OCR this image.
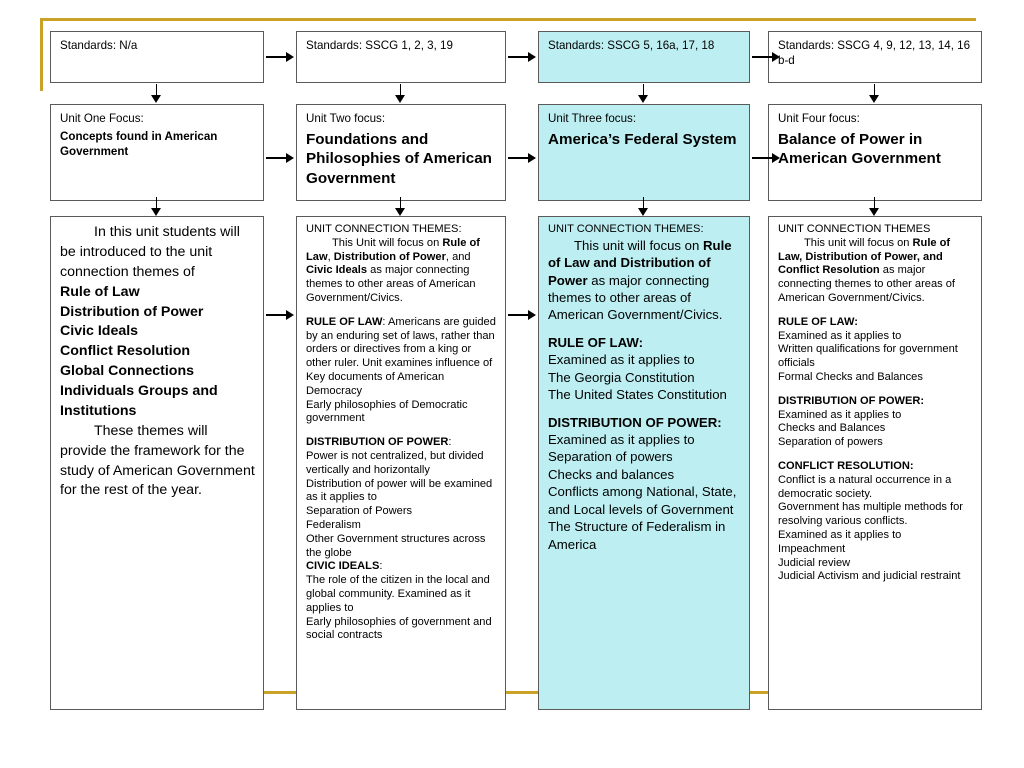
Standards: N/a	Standards: SSCG 1, 2, 3, 19	Standards: SSCG 5, 16a, 17, 18	Standards: SSCG 4, 9, 12, 13, 14, 16 b-d
Unit One Focus:
Concepts found in American Government
Unit Two focus:
Foundations and Philosophies of American Government
Unit Three focus:
America’s Federal System
Unit Four focus:
Balance of Power in American Government

In this unit students will be introduced to the unit connection themes of

Rule of Law
Distribution of Power
Civic Ideals
Conflict Resolution
Global Connections
Individuals Groups and Institutions

These themes will provide the framework for the study of American Government for the rest of the year.

UNIT CONNECTION THEMES:

This Unit will focus on Rule of Law, Distribution of Power, and Civic Ideals as major connecting themes to other areas of American Government/Civics.

RULE OF LAW: Americans are guided by an enduring set of laws, rather than orders or directives from a king or other ruler. Unit examines influence of Key documents of American Democracy

Early philosophies of Democratic government

DISTRIBUTION OF POWER:

Power is not centralized, but divided vertically and horizontally
Distribution of power will be examined as it applies to
Separation of Powers
Federalism
Other Government structures across the globe

CIVIC IDEALS:

The role of the citizen in the local and global community. Examined as it applies to
Early philosophies of government and social contracts

UNIT CONNECTION THEMES:

This unit will focus on Rule of Law and Distribution of Power as major connecting themes to other areas of American Government/Civics.

RULE OF LAW:

Examined as it applies to
The Georgia Constitution
The United States Constitution

DISTRIBUTION OF POWER: Examined as it applies to

Separation of powers
Checks and balances
Conflicts among National, State, and Local levels of Government
The Structure of Federalism in America

UNIT CONNECTION THEMES

This unit will focus on Rule of Law, Distribution of Power, and Conflict Resolution as major connecting themes to other areas of American Government/Civics.

RULE OF LAW:

Examined as it applies to
Written qualifications for government officials
Formal Checks and Balances

DISTRIBUTION OF POWER:

Examined as it applies to
Checks and Balances
Separation of powers

CONFLICT RESOLUTION:

Conflict is a natural occurrence in a democratic society.
Government has multiple methods for resolving various conflicts.
Examined as it applies to
Impeachment
Judicial review
Judicial Activism and judicial restraint
